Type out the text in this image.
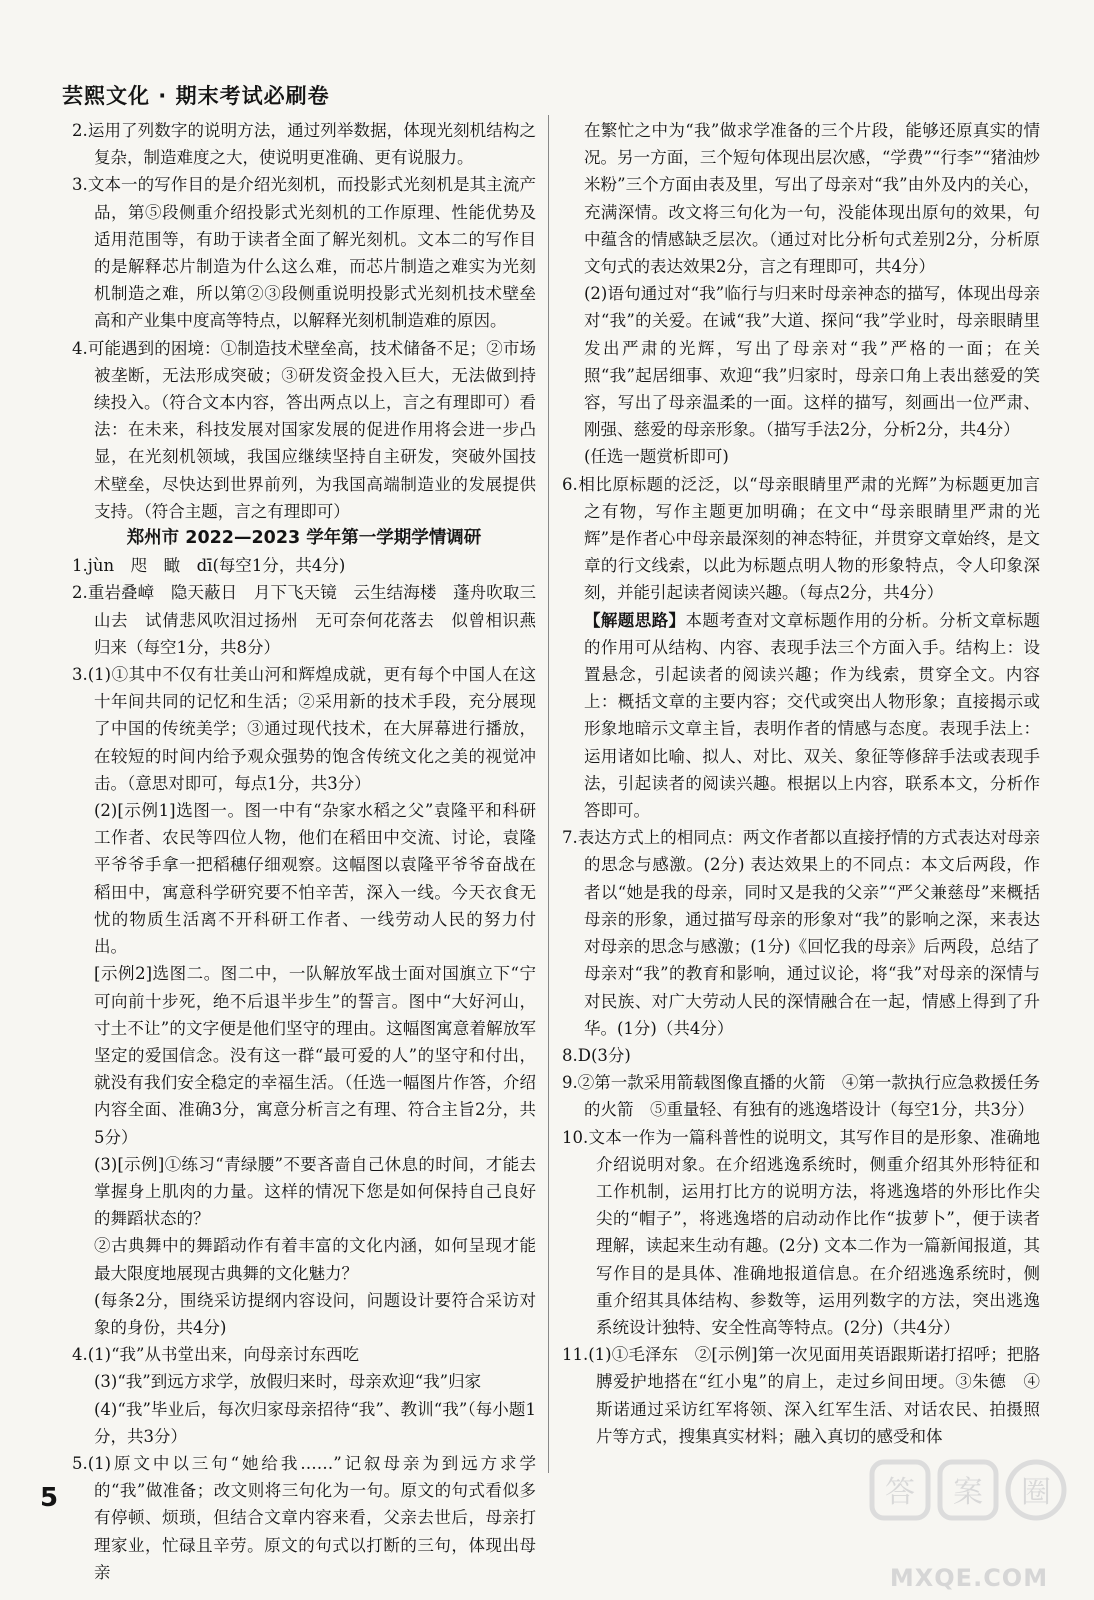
芸熙文化 · 期末考试必刷卷

2.运用了列数字的说明方法，通过列举数据，体现光刻机结构之复杂，制造难度之大，使说明更准确、更有说服力。

3.文本一的写作目的是介绍光刻机，而投影式光刻机是其主流产品，第⑤段侧重介绍投影式光刻机的工作原理、性能优势及适用范围等，有助于读者全面了解光刻机。文本二的写作目的是解释芯片制造为什么这么难，而芯片制造之难实为光刻机制造之难，所以第②③段侧重说明投影式光刻机技术壁垒高和产业集中度高等特点，以解释光刻机制造难的原因。

4.可能遇到的困境：①制造技术壁垒高，技术储备不足；②市场被垄断，无法形成突破；③研发资金投入巨大，无法做到持续投入。（符合文本内容，答出两点以上，言之有理即可）看法：在未来，科技发展对国家发展的促进作用将会进一步凸显，在光刻机领域，我国应继续坚持自主研发，突破外国技术壁垒，尽快达到世界前列，为我国高端制造业的发展提供支持。（符合主题，言之有理即可）

郑州市 2022—2023 学年第一学期学情调研

1.jùn　咫　瞰　dī(每空1分，共4分)

2.重岩叠嶂　隐天蔽日　月下飞天镜　云生结海楼　蓬舟吹取三山去　试倩悲风吹泪过扬州　无可奈何花落去　似曾相识燕归来（每空1分，共8分）

3.(1)①其中不仅有壮美山河和辉煌成就，更有每个中国人在这十年间共同的记忆和生活；②采用新的技术手段，充分展现了中国的传统美学；③通过现代技术，在大屏幕进行播放，在较短的时间内给予观众强势的饱含传统文化之美的视觉冲击。（意思对即可，每点1分，共3分）

(2)[示例1]选图一。图一中有“杂家水稻之父”袁隆平和科研工作者、农民等四位人物，他们在稻田中交流、讨论，袁隆平爷爷手拿一把稻穗仔细观察。这幅图以袁隆平爷爷奋战在稻田中，寓意科学研究要不怕辛苦，深入一线。今天衣食无忧的物质生活离不开科研工作者、一线劳动人民的努力付出。

[示例2]选图二。图二中，一队解放军战士面对国旗立下“宁可向前十步死，绝不后退半步生”的誓言。图中“大好河山，寸土不让”的文字便是他们坚守的理由。这幅图寓意着解放军坚定的爱国信念。没有这一群“最可爱的人”的坚守和付出，就没有我们安全稳定的幸福生活。（任选一幅图片作答，介绍内容全面、准确3分，寓意分析言之有理、符合主旨2分，共5分）

(3)[示例]①练习“青绿腰”不要吝啬自己休息的时间，才能去掌握身上肌肉的力量。这样的情况下您是如何保持自己良好的舞蹈状态的？

②古典舞中的舞蹈动作有着丰富的文化内涵，如何呈现才能最大限度地展现古典舞的文化魅力？

(每条2分，围绕采访提纲内容设问，问题设计要符合采访对象的身份，共4分)

4.(1)“我”从书堂出来，向母亲讨东西吃

(3)“我”到远方求学，放假归来时，母亲欢迎“我”归家

(4)“我”毕业后，每次归家母亲招待“我”、教训“我”（每小题1分，共3分）

5.(1)原文中以三句“她给我……”记叙母亲为到远方求学的“我”做准备；改文则将三句化为一句。原文的句式看似多有停顿、烦琐，但结合文章内容来看，父亲去世后，母亲打理家业，忙碌且辛劳。原文的句式以打断的三句，体现出母亲

在繁忙之中为“我”做求学准备的三个片段，能够还原真实的情况。另一方面，三个短句体现出层次感，“学费”“行李”“猪油炒米粉”三个方面由表及里，写出了母亲对“我”由外及内的关心，充满深情。改文将三句化为一句，没能体现出原句的效果，句中蕴含的情感缺乏层次。（通过对比分析句式差别2分，分析原文句式的表达效果2分，言之有理即可，共4分）

(2)语句通过对“我”临行与归来时母亲神态的描写，体现出母亲对“我”的关爱。在诫“我”大道、探问“我”学业时，母亲眼睛里发出严肃的光辉，写出了母亲对“我”严格的一面；在关照“我”起居细事、欢迎“我”归家时，母亲口角上表出慈爱的笑容，写出了母亲温柔的一面。这样的描写，刻画出一位严肃、刚强、慈爱的母亲形象。（描写手法2分，分析2分，共4分）

(任选一题赏析即可)

6.相比原标题的泛泛，以“母亲眼睛里严肃的光辉”为标题更加言之有物，写作主题更加明确；在文中“母亲眼睛里严肃的光辉”是作者心中母亲最深刻的神态特征，并贯穿文章始终，是文章的行文线索，以此为标题点明人物的形象特点，令人印象深刻，并能引起读者阅读兴趣。（每点2分，共4分）

【解题思路】本题考查对文章标题作用的分析。分析文章标题的作用可从结构、内容、表现手法三个方面入手。结构上：设置悬念，引起读者的阅读兴趣；作为线索，贯穿全文。内容上：概括文章的主要内容；交代或突出人物形象；直接揭示或形象地暗示文章主旨，表明作者的情感与态度。表现手法上：运用诸如比喻、拟人、对比、双关、象征等修辞手法或表现手法，引起读者的阅读兴趣。根据以上内容，联系本文，分析作答即可。

7.表达方式上的相同点：两文作者都以直接抒情的方式表达对母亲的思念与感激。(2分) 表达效果上的不同点：本文后两段，作者以“她是我的母亲，同时又是我的父亲”“严父兼慈母”来概括母亲的形象，通过描写母亲的形象对“我”的影响之深，来表达对母亲的思念与感激；(1分)《回忆我的母亲》后两段，总结了母亲对“我”的教育和影响，通过议论，将“我”对母亲的深情与对民族、对广大劳动人民的深情融合在一起，情感上得到了升华。(1分)（共4分）

8.D(3分)

9.②第一款采用箭载图像直播的火箭　④第一款执行应急救援任务的火箭　⑤重量轻、有独有的逃逸塔设计（每空1分，共3分）

10.文本一作为一篇科普性的说明文，其写作目的是形象、准确地介绍说明对象。在介绍逃逸系统时，侧重介绍其外形特征和工作机制，运用打比方的说明方法，将逃逸塔的外形比作尖尖的“帽子”，将逃逸塔的启动动作比作“拔萝卜”，便于读者理解，读起来生动有趣。(2分) 文本二作为一篇新闻报道，其写作目的是具体、准确地报道信息。在介绍逃逸系统时，侧重介绍其具体结构、参数等，运用列数字的方法，突出逃逸系统设计独特、安全性高等特点。(2分)（共4分）

11.(1)①毛泽东　②[示例]第一次见面用英语跟斯诺打招呼；把胳膊爱护地搭在“红小鬼”的肩上，走过乡间田埂。③朱德　④斯诺通过采访红军将领、深入红军生活、对话农民、拍摄照片等方式，搜集真实材料；融入真切的感受和体

5	答 案 圈
MXQE.COM
